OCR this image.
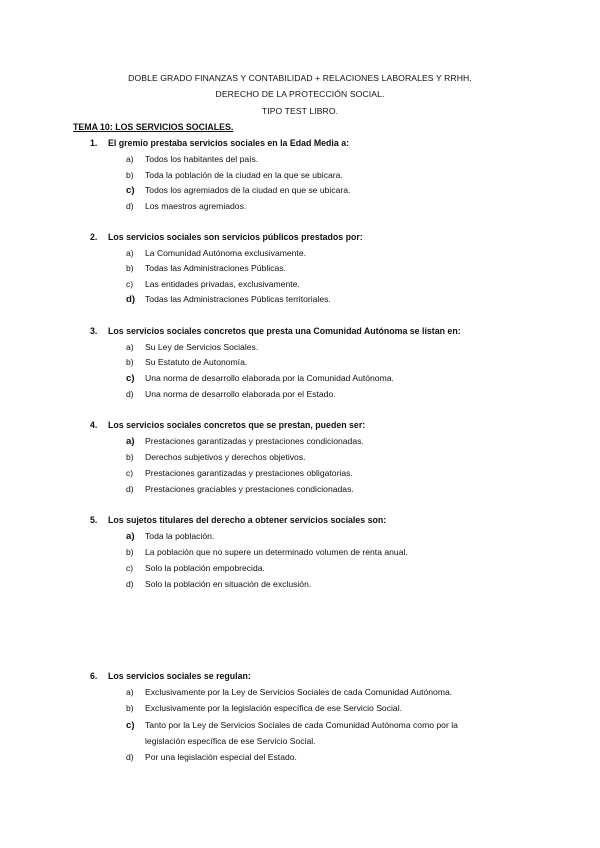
DOBLE GRADO FINANZAS Y CONTABILIDAD + RELACIONES LABORALES Y RRHH.
DERECHO DE LA PROTECCIÓN SOCIAL.
TIPO TEST LIBRO.
TEMA 10: LOS SERVICIOS SOCIALES.
1. El gremio prestaba servicios sociales en la Edad Media a:
a) Todos los habitantes del país.
b) Toda la población de la ciudad en la que se ubicara.
c) Todos los agremiados de la ciudad en que se ubicara.
d) Los maestros agremiados.
2. Los servicios sociales son servicios públicos prestados por:
a) La Comunidad Autónoma exclusivamente.
b) Todas las Administraciones Públicas.
c) Las entidades privadas, exclusivamente.
d) Todas las Administraciones Públicas territoriales.
3. Los servicios sociales concretos que presta una Comunidad Autónoma se listan en:
a) Su Ley de Servicios Sociales.
b) Su Estatuto de Autonomía.
c) Una norma de desarrollo elaborada por la Comunidad Autónoma.
d) Una norma de desarrollo elaborada por el Estado.
4. Los servicios sociales concretos que se prestan, pueden ser:
a) Prestaciones garantizadas y prestaciones condicionadas.
b) Derechos subjetivos y derechos objetivos.
c) Prestaciones garantizadas y prestaciones obligatorias.
d) Prestaciones graciables y prestaciones condicionadas.
5. Los sujetos titulares del derecho a obtener servicios sociales son:
a) Toda la población.
b) La población que no supere un determinado volumen de renta anual.
c) Solo la población empobrecida.
d) Solo la población en situación de exclusión.
6. Los servicios sociales se regulan:
a) Exclusivamente por la Ley de Servicios Sociales de cada Comunidad Autónoma.
b) Exclusivamente por la legislación específica de ese Servicio Social.
c) Tanto por la Ley de Servicios Sociales de cada Comunidad Autónoma como por la
legislación específica de ese Servicio Social.
d) Por una legislación especial del Estado.
